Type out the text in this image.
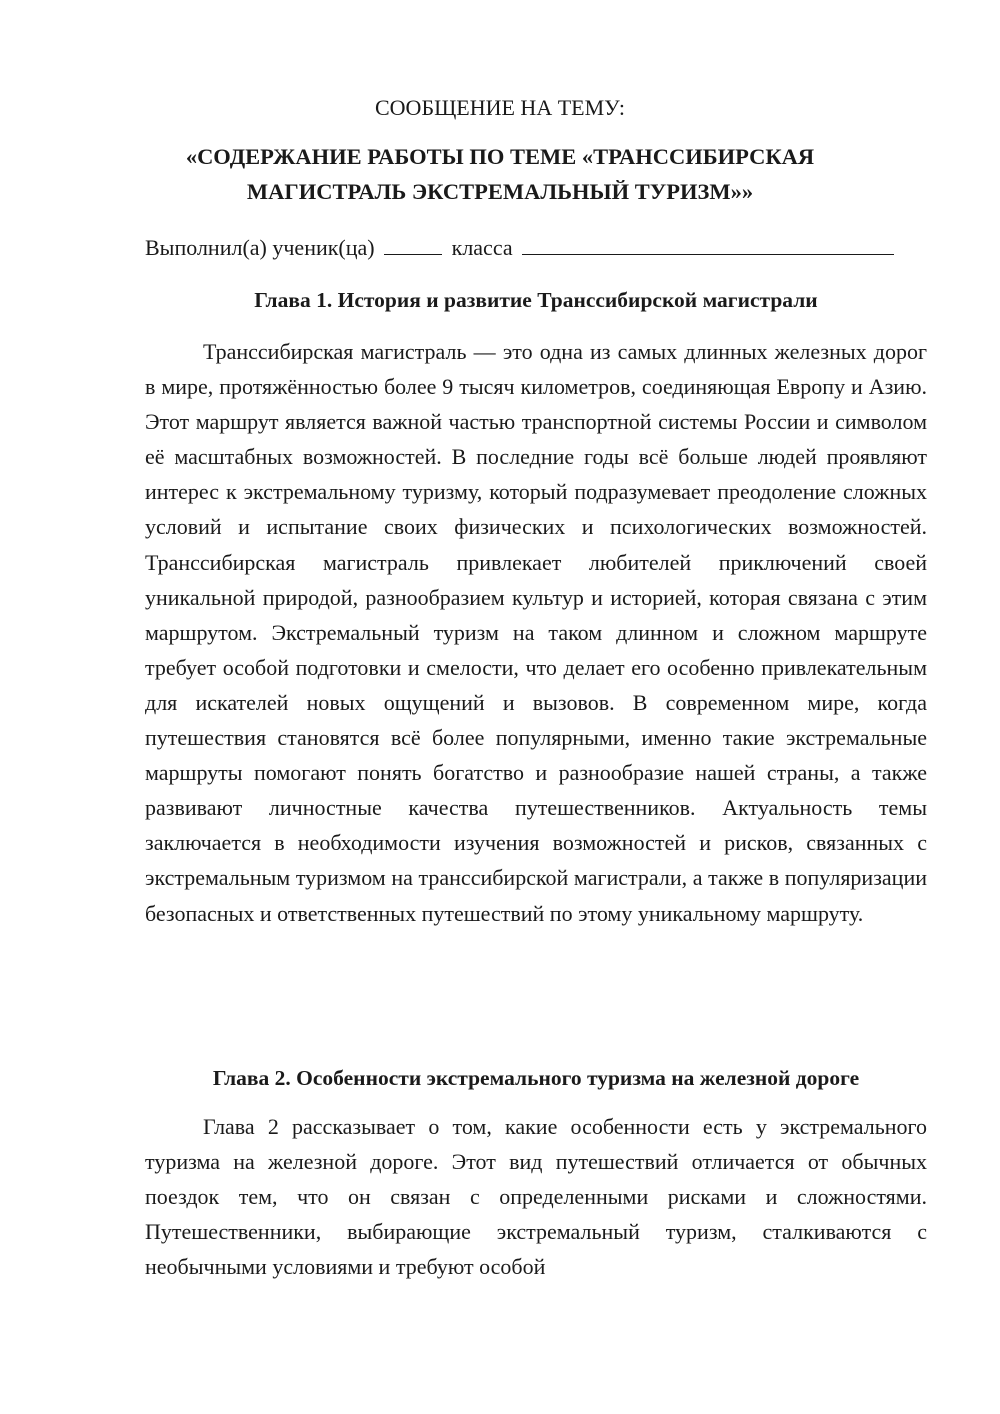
СООБЩЕНИЕ НА ТЕМУ:
«СОДЕРЖАНИЕ РАБОТЫ ПО ТЕМЕ «ТРАНССИБИРСКАЯ
МАГИСТРАЛЬ ЭКСТРЕМАЛЬНЫЙ ТУРИЗМ»»
Выполнил(а) ученик(ца)	класса
Глава 1. История и развитие Транссибирской магистрали

Транссибирская магистраль — это одна из самых длинных железных дорог в мире, протяжённостью более 9 тысяч километров, соединяющая Европу и Азию. Этот маршрут является важной частью транспортной системы России и символом её масштабных возможностей. В последние годы всё больше людей проявляют интерес к экстремальному туризму, который подразумевает преодоление сложных условий и испытание своих физических и психологических возможностей. Транссибирская магистраль привлекает любителей приключений своей уникальной природой, разнообразием культур и историей, которая связана с этим маршрутом. Экстремальный туризм на таком длинном и сложном маршруте требует особой подготовки и смелости, что делает его особенно привлекательным для искателей новых ощущений и вызовов. В современном мире, когда путешествия становятся всё более популярными, именно такие экстремальные маршруты помогают понять богатство и разнообразие нашей страны, а также развивают личностные качества путешественников. Актуальность темы заключается в необходимости изучения возможностей и рисков, связанных с экстремальным туризмом на транссибирской магистрали, а также в популяризации безопасных и ответственных путешествий по этому уникальному маршруту.

Глава 2. Особенности экстремального туризма на железной дороге

Глава 2 рассказывает о том, какие особенности есть у экстремального туризма на железной дороге. Этот вид путешествий отличается от обычных поездок тем, что он связан с определенными рисками и сложностями. Путешественники, выбирающие экстремальный туризм, сталкиваются с необычными условиями и требуют особой
